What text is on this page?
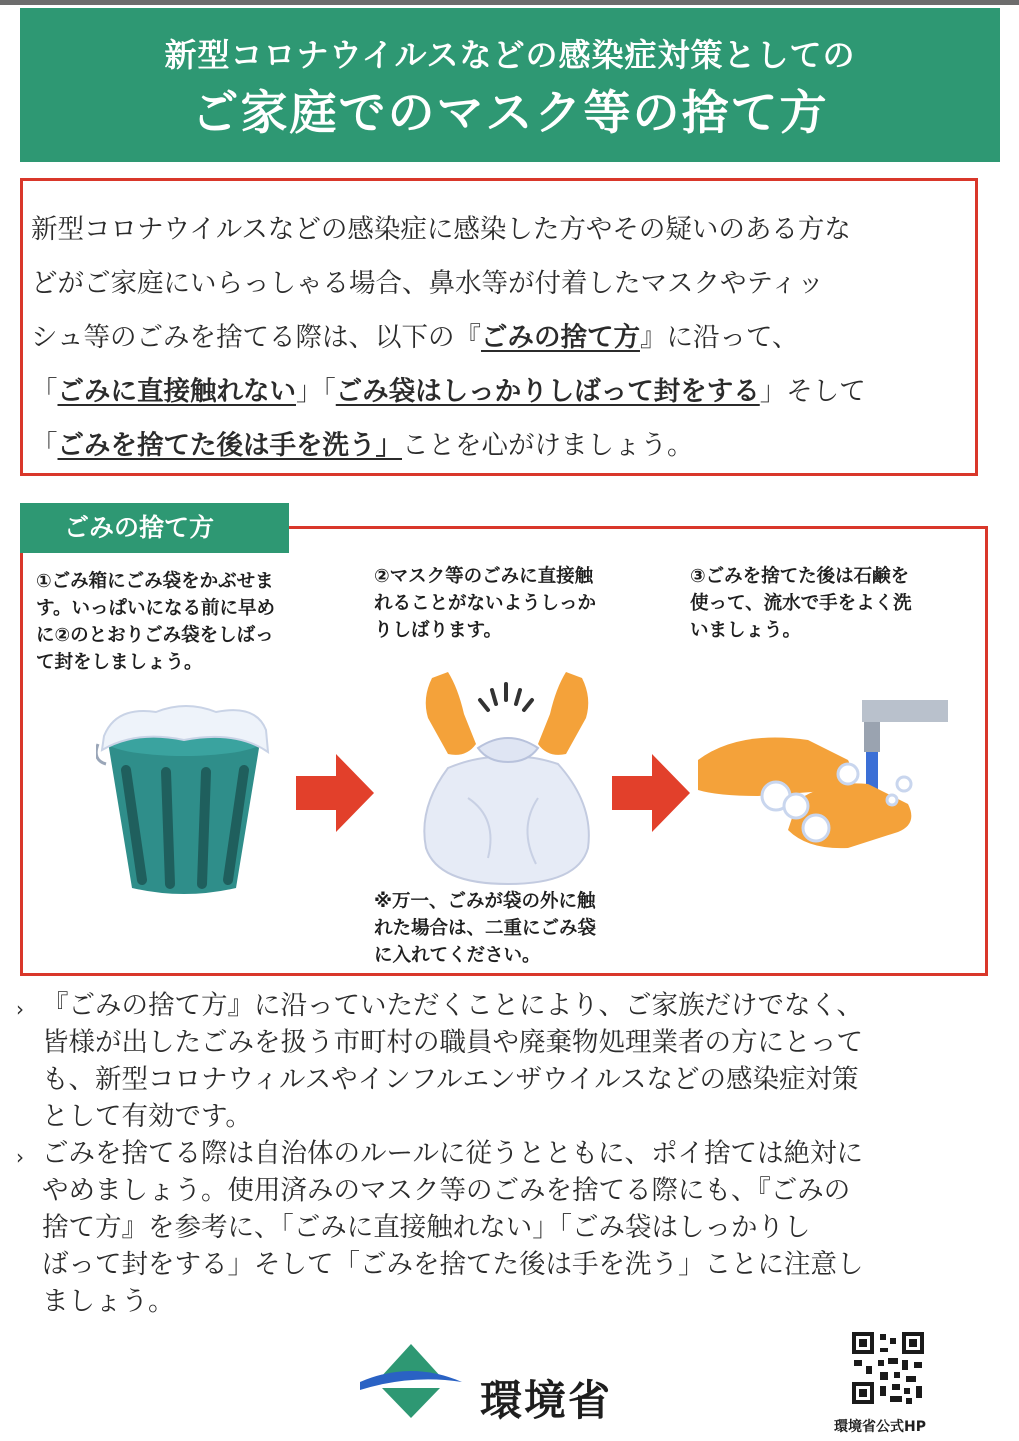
新型コロナウイルスなどの感染症対策としての
ご家庭でのマスク等の捨て方
新型コロナウイルスなどの感染症に感染した方やその疑いのある方な
どがご家庭にいらっしゃる場合、鼻水等が付着したマスクやティッ
シュ等のごみを捨てる際は、以下の『ごみの捨て方』に沿って、
「ごみに直接触れない」「ごみ袋はしっかりしばって封をする」そして
「ごみを捨てた後は手を洗う」ことを心がけましょう。
ごみの捨て方
①ごみ箱にごみ袋をかぶせま
す。いっぱいになる前に早め
に②のとおりごみ袋をしばっ
て封をしましょう。
②マスク等のごみに直接触
れることがないようしっか
りしばります。
③ごみを捨てた後は石鹸を
使って、流水で手をよく洗
いましょう。
※万一、ごみが袋の外に触
れた場合は、二重にごみ袋
に入れてください。
› 『ごみの捨て方』に沿っていただくことにより、ご家族だけでなく、

皆様が出したごみを扱う市町村の職員や廃棄物処理業者の方にとって

も、新型コロナウィルスやインフルエンザウイルスなどの感染症対策

として有効です。

› ごみを捨てる際は自治体のルールに従うとともに、ポイ捨ては絶対に

やめましょう。使用済みのマスク等のごみを捨てる際にも、『ごみの

捨て方』を参考に、「ごみに直接触れない」「ごみ袋はしっかりし

ばって封をする」そして「ごみを捨てた後は手を洗う」ことに注意し

ましょう。

環境省
環境省公式HP
